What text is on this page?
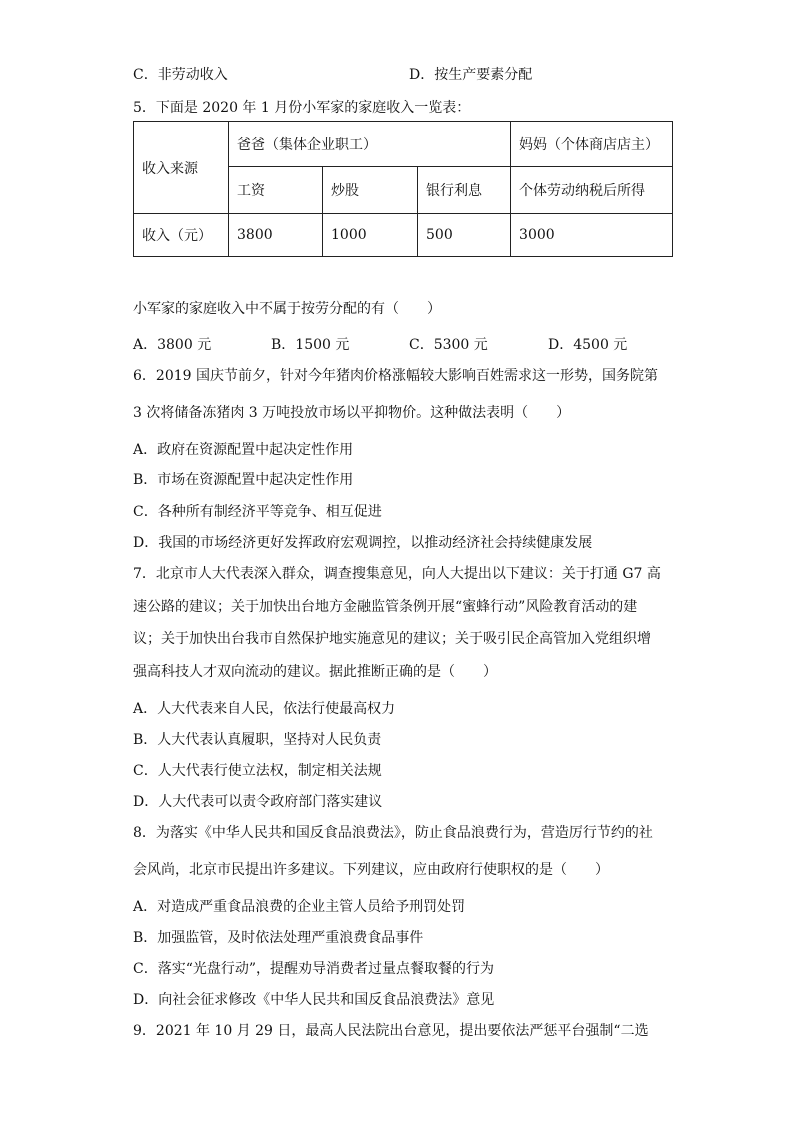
C．非劳动收入	D．按生产要素分配
5．下面是 2020 年 1 月份小军家的家庭收入一览表：
收入来源	爸爸（集体企业职工）			妈妈（个体商店店主）
	工资	炒股	银行利息	个体劳动纳税后所得
收入（元）	3800	1000	500	3000
小军家的家庭收入中不属于按劳分配的有（　　）
A．3800 元	B．1500 元	C．5300 元	D．4500 元
6．2019 国庆节前夕，针对今年猪肉价格涨幅较大影响百姓需求这一形势，国务院第
3 次将储备冻猪肉 3 万吨投放市场以平抑物价。这种做法表明（　　）
A．政府在资源配置中起决定性作用
B．市场在资源配置中起决定性作用
C．各种所有制经济平等竞争、相互促进
D．我国的市场经济更好发挥政府宏观调控，以推动经济社会持续健康发展
7．北京市人大代表深入群众，调查搜集意见，向人大提出以下建议：关于打通 G7 高
速公路的建议；关于加快出台地方金融监管条例开展“蜜蜂行动”风险教育活动的建
议；关于加快出台我市自然保护地实施意见的建议；关于吸引民企高管加入党组织增
强高科技人才双向流动的建议。据此推断正确的是（　　）
A．人大代表来自人民，依法行使最高权力
B．人大代表认真履职，坚持对人民负责
C．人大代表行使立法权，制定相关法规
D．人大代表可以责令政府部门落实建议
8．为落实《中华人民共和国反食品浪费法》，防止食品浪费行为，营造厉行节约的社
会风尚，北京市民提出许多建议。下列建议，应由政府行使职权的是（　　）
A．对造成严重食品浪费的企业主管人员给予刑罚处罚
B．加强监管，及时依法处理严重浪费食品事件
C．落实“光盘行动”，提醒劝导消费者过量点餐取餐的行为
D．向社会征求修改《中华人民共和国反食品浪费法》意见
9．2021 年 10 月 29 日，最高人民法院出台意见，提出要依法严惩平台强制“二选
